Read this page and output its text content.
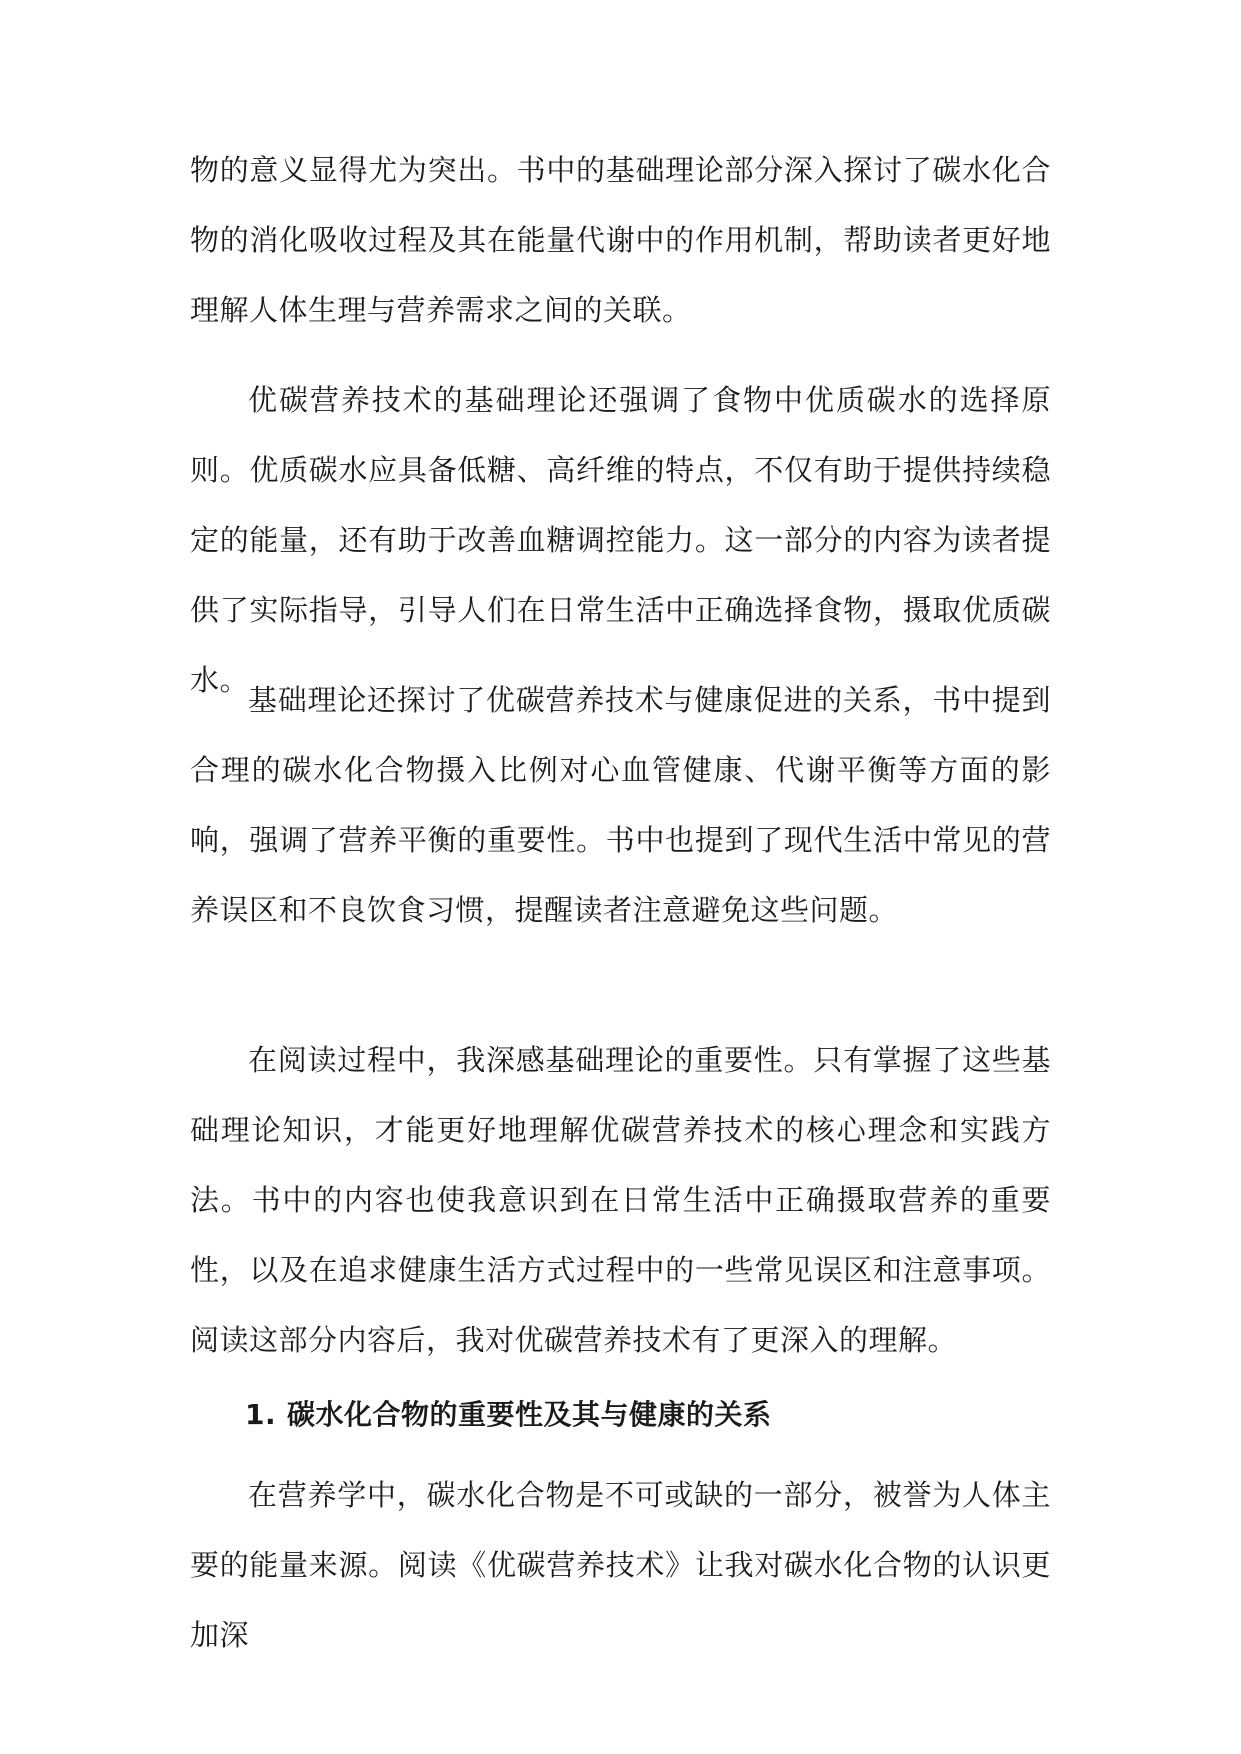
物的意义显得尤为突出。书中的基础理论部分深入探讨了碳水化合物的消化吸收过程及其在能量代谢中的作用机制，帮助读者更好地理解人体生理与营养需求之间的关联。

优碳营养技术的基础理论还强调了食物中优质碳水的选择原则。优质碳水应具备低糖、高纤维的特点，不仅有助于提供持续稳定的能量，还有助于改善血糖调控能力。这一部分的内容为读者提供了实际指导，引导人们在日常生活中正确选择食物，摄取优质碳水。

基础理论还探讨了优碳营养技术与健康促进的关系，书中提到合理的碳水化合物摄入比例对心血管健康、代谢平衡等方面的影响，强调了营养平衡的重要性。书中也提到了现代生活中常见的营养误区和不良饮食习惯，提醒读者注意避免这些问题。

在阅读过程中，我深感基础理论的重要性。只有掌握了这些基础理论知识，才能更好地理解优碳营养技术的核心理念和实践方法。书中的内容也使我意识到在日常生活中正确摄取营养的重要性，以及在追求健康生活方式过程中的一些常见误区和注意事项。阅读这部分内容后，我对优碳营养技术有了更深入的理解。

1. 碳水化合物的重要性及其与健康的关系

在营养学中，碳水化合物是不可或缺的一部分，被誉为人体主要的能量来源。阅读《优碳营养技术》让我对碳水化合物的认识更加深
